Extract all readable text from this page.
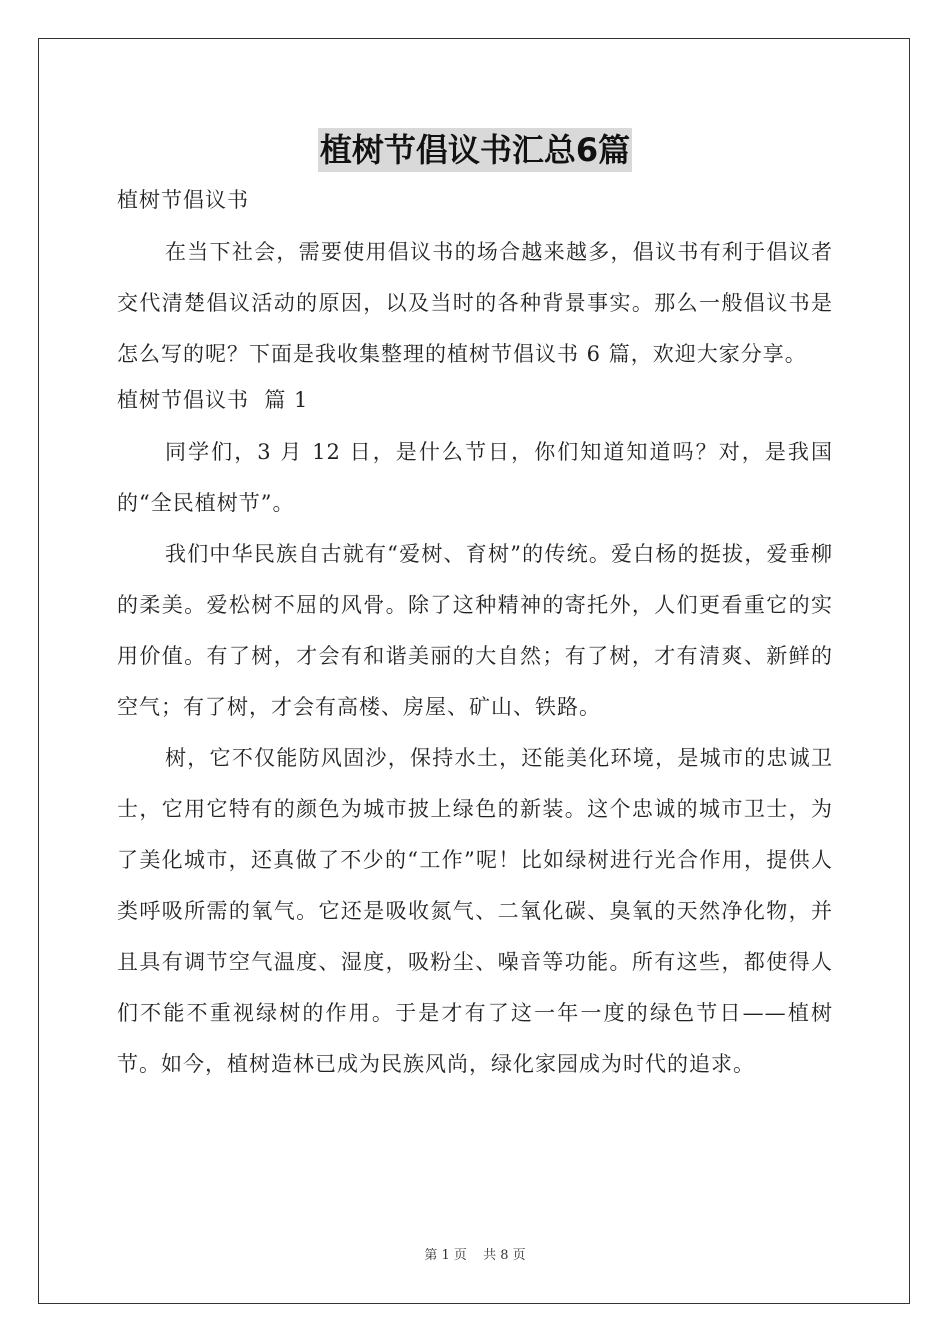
植树节倡议书汇总6篇

植树节倡议书

在当下社会，需要使用倡议书的场合越来越多，倡议书有利于倡议者交代清楚倡议活动的原因，以及当时的各种背景事实。那么一般倡议书是怎么写的呢？下面是我收集整理的植树节倡议书 6 篇，欢迎大家分享。

植树节倡议书  篇 1

同学们，3 月 12 日，是什么节日，你们知道知道吗？对，是我国的“全民植树节”。

我们中华民族自古就有“爱树、育树”的传统。爱白杨的挺拔，爱垂柳的柔美。爱松树不屈的风骨。除了这种精神的寄托外，人们更看重它的实用价值。有了树，才会有和谐美丽的大自然；有了树，才有清爽、新鲜的空气；有了树，才会有高楼、房屋、矿山、铁路。

树，它不仅能防风固沙，保持水土，还能美化环境，是城市的忠诚卫士，它用它特有的颜色为城市披上绿色的新装。这个忠诚的城市卫士，为了美化城市，还真做了不少的“工作”呢！比如绿树进行光合作用，提供人类呼吸所需的氧气。它还是吸收氮气、二氧化碳、臭氧的天然净化物，并且具有调节空气温度、湿度，吸粉尘、噪音等功能。所有这些，都使得人们不能不重视绿树的作用。于是才有了这一年一度的绿色节日——植树节。如今，植树造林已成为民族风尚，绿化家园成为时代的追求。

第 1 页 共 8 页
